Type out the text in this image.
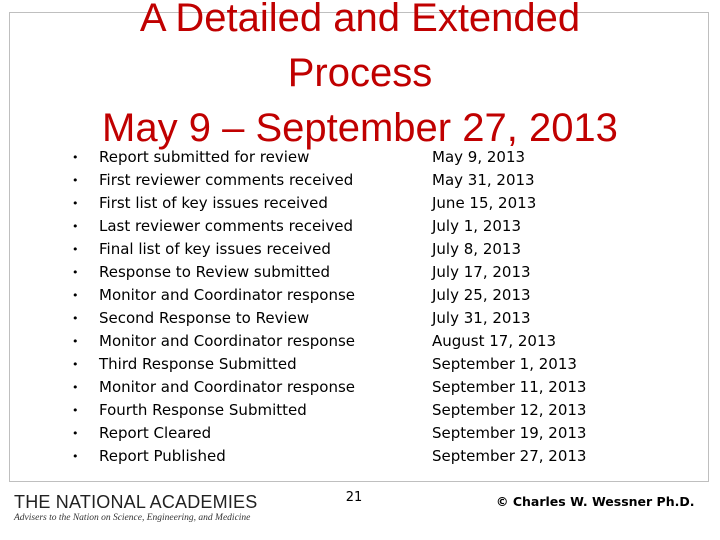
A Detailed and Extended
Process
May 9 – September 27, 2013
• Report submitted for review	May 9, 2013
• First reviewer comments received	May 31, 2013
• First list of key issues received	June 15, 2013
• Last reviewer comments received	July 1, 2013
• Final list of key issues received	July 8, 2013
• Response to Review submitted	July 17, 2013
• Monitor and Coordinator response	July 25, 2013
• Second Response to Review	July 31, 2013
• Monitor and Coordinator response	August 17, 2013
• Third Response Submitted	September 1, 2013
• Monitor and Coordinator response	September 11, 2013
• Fourth Response Submitted	September 12, 2013
• Report Cleared	September 19, 2013
• Report Published	September 27, 2013
THE NATIONAL ACADEMIES
Advisers to the Nation on Science, Engineering, and Medicine
21	© Charles W. Wessner Ph.D.
